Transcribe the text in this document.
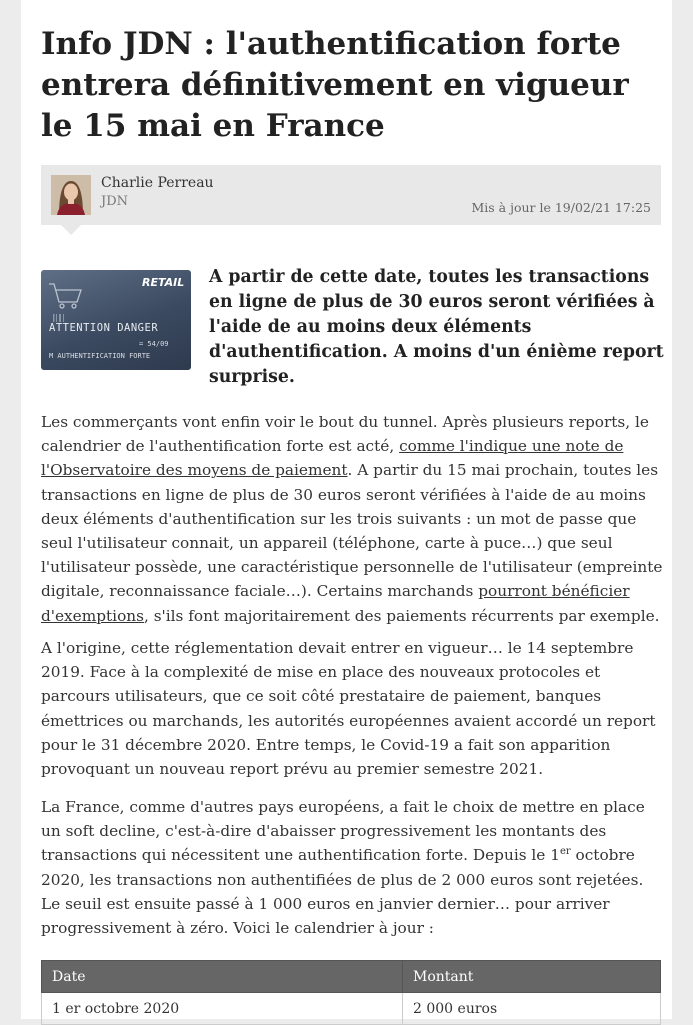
Info JDN : l'authentification forte entrera définitivement en vigueur le 15 mai en France
Charlie Perreau
JDN	Mis à jour le 19/02/21 17:25
RETAIL
ATTENTION DANGER
= 54/09
M AUTHENTIFICATION FORTE

A partir de cette date, toutes les transactions en ligne de plus de 30 euros seront vérifiées à l'aide de au moins deux éléments d'authentification. A moins d'un énième report surprise.

Les commerçants vont enfin voir le bout du tunnel. Après plusieurs reports, le calendrier de l'authentification forte est acté, comme l'indique une note de l'Observatoire des moyens de paiement. A partir du 15 mai prochain, toutes les transactions en ligne de plus de 30 euros seront vérifiées à l'aide de au moins deux éléments d'authentification sur les trois suivants : un mot de passe que seul l'utilisateur connait, un appareil (téléphone, carte à puce…) que seul l'utilisateur possède, une caractéristique personnelle de l'utilisateur (empreinte digitale, reconnaissance faciale…). Certains marchands pourront bénéficier d'exemptions, s'ils font majoritairement des paiements récurrents par exemple.

A l'origine, cette réglementation devait entrer en vigueur… le 14 septembre 2019. Face à la complexité de mise en place des nouveaux protocoles et parcours utilisateurs, que ce soit côté prestataire de paiement, banques émettrices ou marchands, les autorités européennes avaient accordé un report pour le 31 décembre 2020. Entre temps, le Covid-19 a fait son apparition provoquant un nouveau report prévu au premier semestre 2021.

La France, comme d'autres pays européens, a fait le choix de mettre en place un soft decline, c'est-à-dire d'abaisser progressivement les montants des transactions qui nécessitent une authentification forte. Depuis le 1er octobre 2020, les transactions non authentifiées de plus de 2 000 euros sont rejetées. Le seuil est ensuite passé à 1 000 euros en janvier dernier… pour arriver progressivement à zéro. Voici le calendrier à jour :

Date	Montant
1 er octobre 2020	2 000 euros
